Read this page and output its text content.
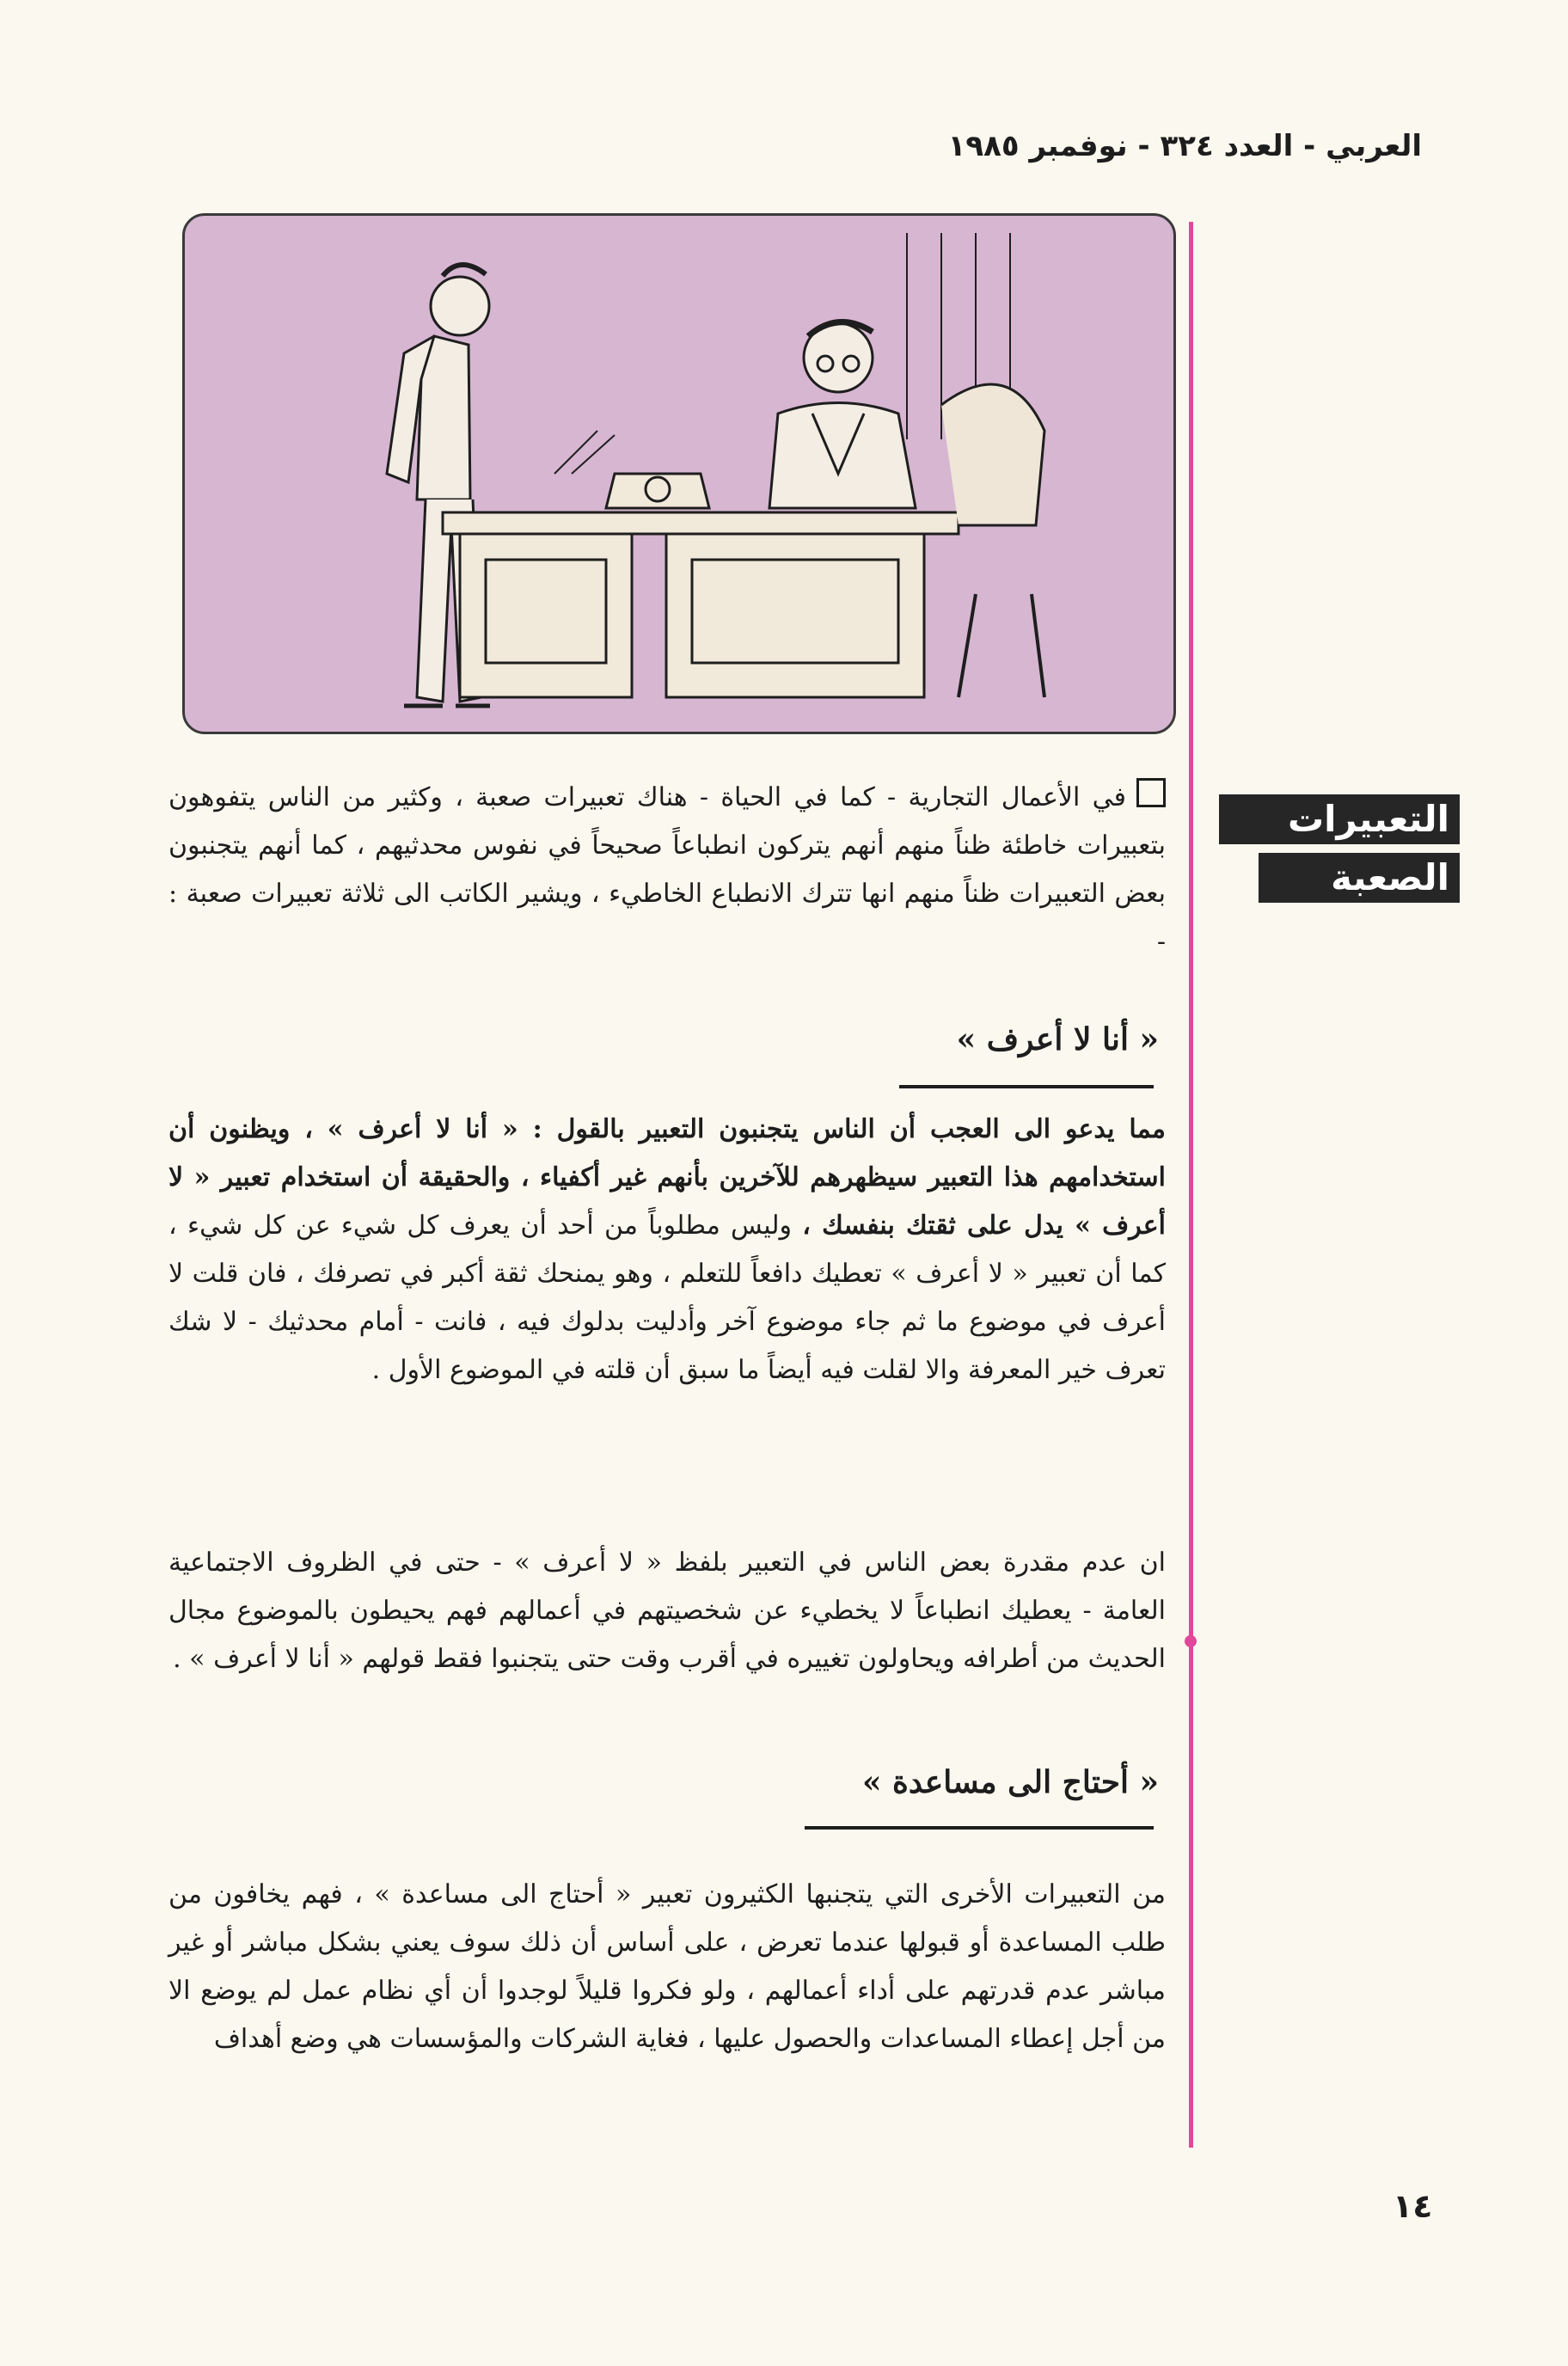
العربي - العدد ٣٢٤ - نوفمبر ١٩٨٥
التعبيرات
الصعبة
في الأعمال التجارية - كما في الحياة - هناك تعبيرات صعبة ، وكثير من الناس يتفوهون بتعبيرات خاطئة ظناً منهم أنهم يتركون انطباعاً صحيحاً في نفوس محدثيهم ، كما أنهم يتجنبون بعض التعبيرات ظناً منهم انها تترك الانطباع الخاطيء ، ويشير الكاتب الى ثلاثة تعبيرات صعبة : -
« أنا لا أعرف »
مما يدعو الى العجب أن الناس يتجنبون التعبير بالقول : « أنا لا أعرف » ، ويظنون أن استخدامهم هذا التعبير سيظهرهم للآخرين بأنهم غير أكفياء ، والحقيقة أن استخدام تعبير « لا أعرف » يدل على ثقتك بنفسك ، وليس مطلوباً من أحد أن يعرف كل شيء عن كل شيء ، كما أن تعبير « لا أعرف » تعطيك دافعاً للتعلم ، وهو يمنحك ثقة أكبر في تصرفك ، فان قلت لا أعرف في موضوع ما ثم جاء موضوع آخر وأدليت بدلوك فيه ، فانت - أمام محدثيك - لا شك تعرف خير المعرفة والا لقلت فيه أيضاً ما سبق أن قلته في الموضوع الأول .
ان عدم مقدرة بعض الناس في التعبير بلفظ « لا أعرف » - حتى في الظروف الاجتماعية العامة - يعطيك انطباعاً لا يخطيء عن شخصيتهم في أعمالهم فهم يحيطون بالموضوع مجال الحديث من أطرافه ويحاولون تغييره في أقرب وقت حتى يتجنبوا فقط قولهم « أنا لا أعرف » .
« أحتاج الى مساعدة »
من التعبيرات الأخرى التي يتجنبها الكثيرون تعبير « أحتاج الى مساعدة » ، فهم يخافون من طلب المساعدة أو قبولها عندما تعرض ، على أساس أن ذلك سوف يعني بشكل مباشر أو غير مباشر عدم قدرتهم على أداء أعمالهم ، ولو فكروا قليلاً لوجدوا أن أي نظام عمل لم يوضع الا من أجل إعطاء المساعدات والحصول عليها ، فغاية الشركات والمؤسسات هي وضع أهداف
١٤
